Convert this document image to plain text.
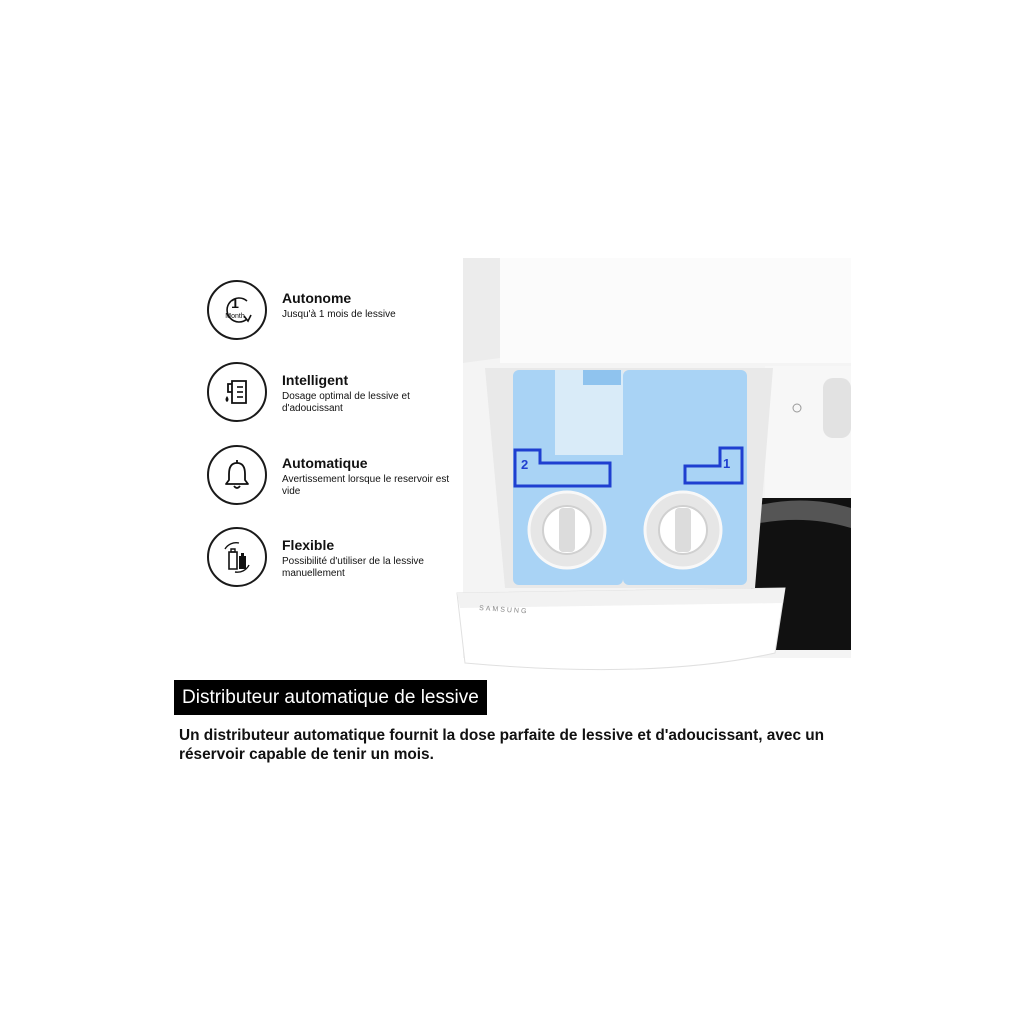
1
Month
Autonome
Jusqu'à 1 mois de lessive
Intelligent
Dosage optimal de lessive et d'adoucissant
Automatique
Avertissement lorsque le reservoir est vide
Flexible
Possibilité d'utiliser de la lessive manuellement
2	1
SAMSUNG
Distributeur automatique de lessive
Un distributeur automatique fournit la dose parfaite de lessive et d'adoucissant, avec un réservoir capable de tenir un mois.
